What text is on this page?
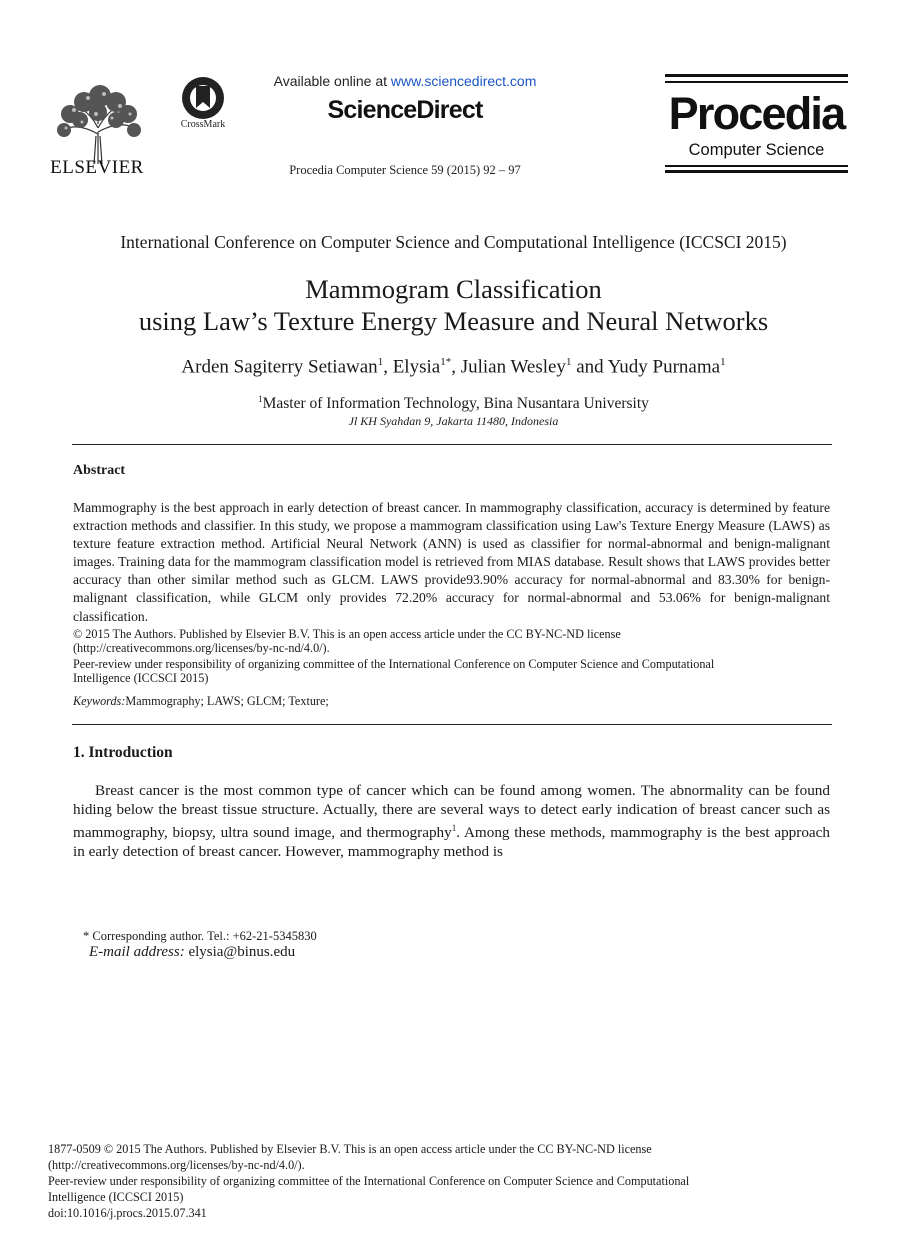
ELSEVIER
CrossMark
Available online at www.sciencedirect.com
ScienceDirect
Procedia Computer Science 59 (2015) 92 – 97
Procedia
Computer Science
International Conference on Computer Science and Computational Intelligence (ICCSCI 2015)
Mammogram Classification
using Law’s Texture Energy Measure and Neural Networks
Arden Sagiterry Setiawan$^1$, Elysia$^{1*}$, Julian Wesley$^1$ and Yudy Purnama$^1$
$^1$Master of Information Technology, Bina Nusantara University
Jl KH Syahdan 9, Jakarta 11480, Indonesia
Abstract
Mammography is the best approach in early detection of breast cancer. In mammography classification, accuracy is determined by feature extraction methods and classifier. In this study, we propose a mammogram classification using Law's Texture Energy Measure (LAWS) as texture feature extraction method. Artificial Neural Network (ANN) is used as classifier for normal-abnormal and benign-malignant images. Training data for the mammogram classification model is retrieved from MIAS database. Result shows that LAWS provides better accuracy than other similar method such as GLCM. LAWS provide93.90% accuracy for normal-abnormal and 83.30% for benign-malignant classification, while GLCM only provides 72.20% accuracy for normal-abnormal and 53.06% for benign-malignant classification.
© 2015 The Authors. Published by Elsevier B.V. This is an open access article under the CC BY-NC-ND license
(http://creativecommons.org/licenses/by-nc-nd/4.0/).
Peer-review under responsibility of organizing committee of the International Conference on Computer Science and Computational
Intelligence (ICCSCI 2015)
Keywords:Mammography; LAWS; GLCM; Texture;
1. Introduction
Breast cancer is the most common type of cancer which can be found among women. The abnormality can be found hiding below the breast tissue structure. Actually, there are several ways to detect early indication of breast cancer such as mammography, biopsy, ultra sound image, and thermography$^1$. Among these methods, mammography is the best approach in early detection of breast cancer. However, mammography method is
* Corresponding author. Tel.: +62-21-5345830
E-mail address: elysia@binus.edu
1877-0509 © 2015 The Authors. Published by Elsevier B.V. This is an open access article under the CC BY-NC-ND license
(http://creativecommons.org/licenses/by-nc-nd/4.0/).
Peer-review under responsibility of organizing committee of the International Conference on Computer Science and Computational
Intelligence (ICCSCI 2015)
doi:10.1016/j.procs.2015.07.341
